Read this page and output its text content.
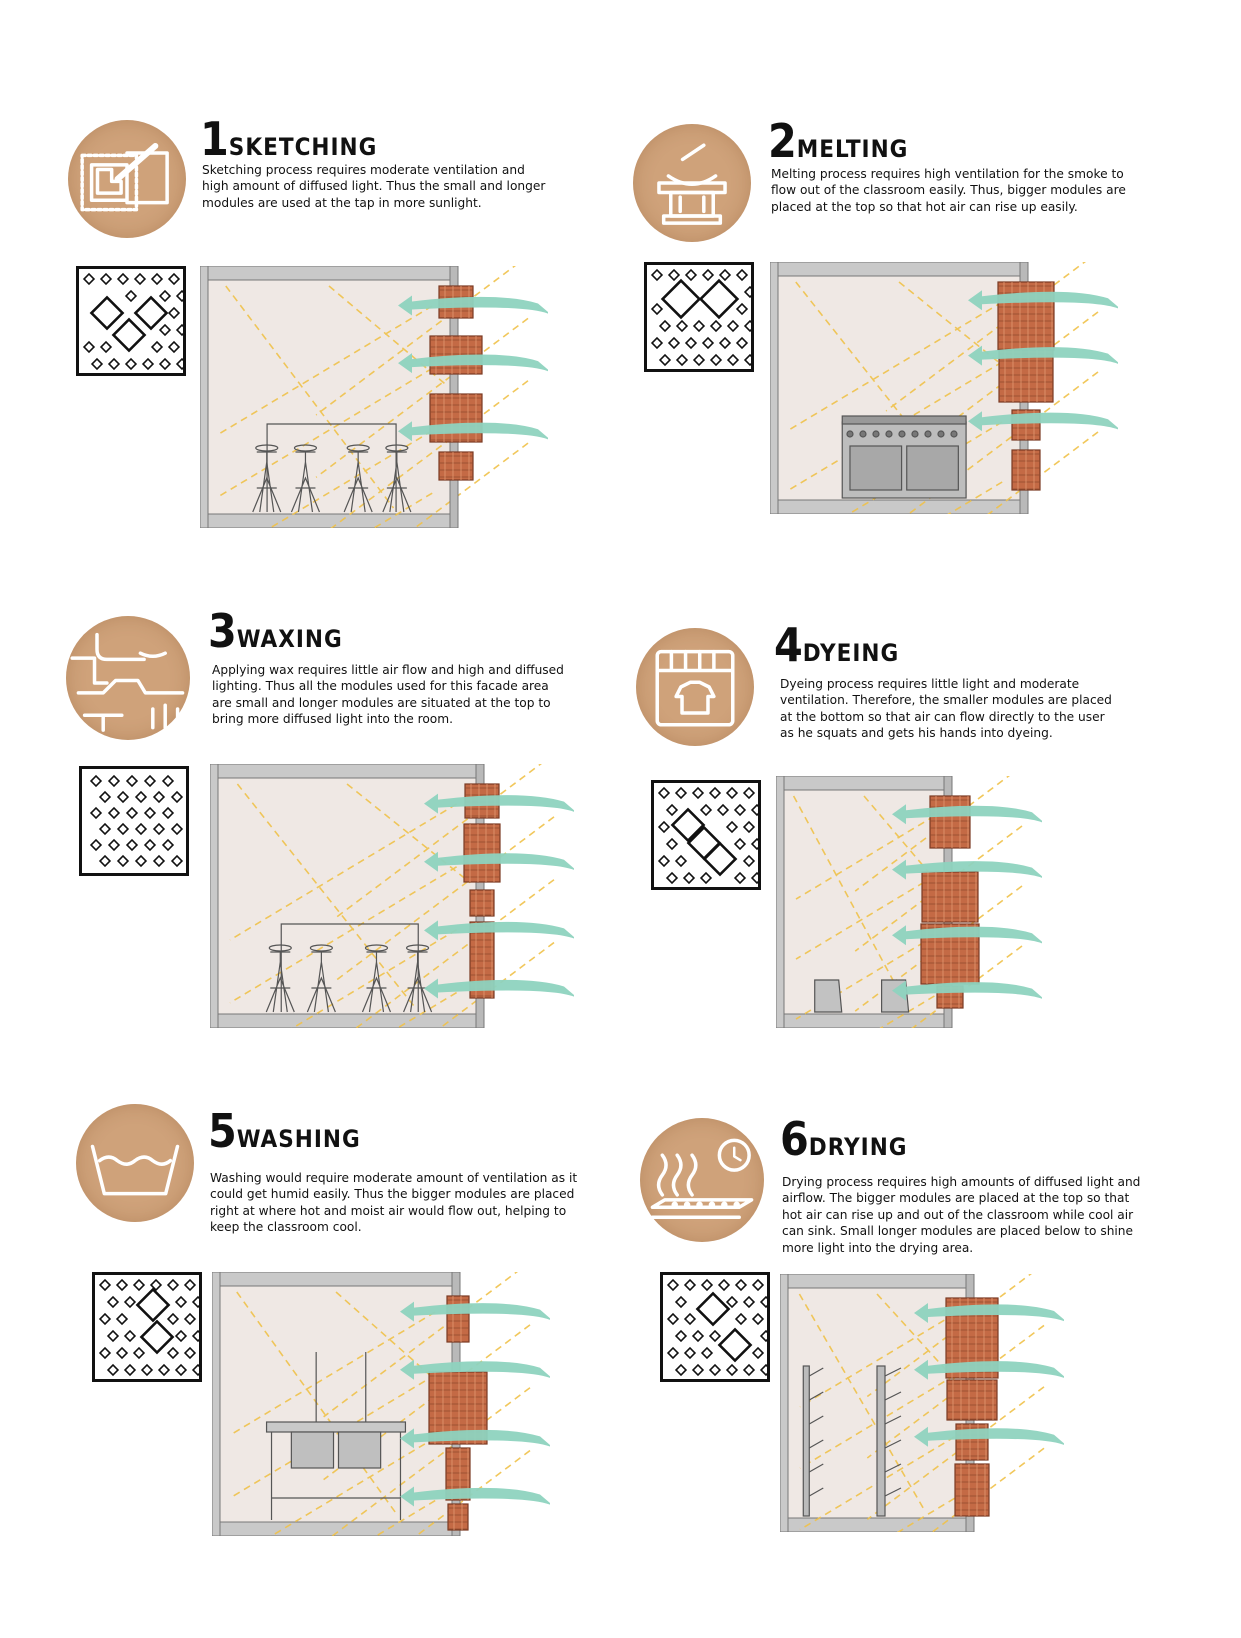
1SKETCHING
Sketching process requires moderate ventilation and
high amount of diffused light. Thus the small and longer
modules are used at the tap in more sunlight.
2MELTING
Melting process requires high ventilation for the smoke to
flow out of the classroom easily. Thus, bigger modules are
placed at the top so that hot air can rise up easily.
3WAXING
Applying wax requires little air flow and high and diffused
lighting. Thus all the modules used for this facade area
are small and longer modules are situated at the top to
bring more diffused light into the room.
4DYEING
Dyeing process requires little light and moderate
ventilation. Therefore, the smaller modules are placed
at the bottom so that air can flow directly to the user
as he squats and gets his hands into dyeing.
5WASHING
Washing would require moderate amount of ventilation as it
could get humid easily. Thus the bigger modules are placed
right at where hot and moist air would flow out, helping to
keep the classroom cool.
6DRYING
Drying process requires high amounts of diffused light and
airflow. The bigger modules are placed at the top so that
hot air can rise up and out of the classroom while cool air
can sink. Small longer modules are placed below to shine
more light into the drying area.
